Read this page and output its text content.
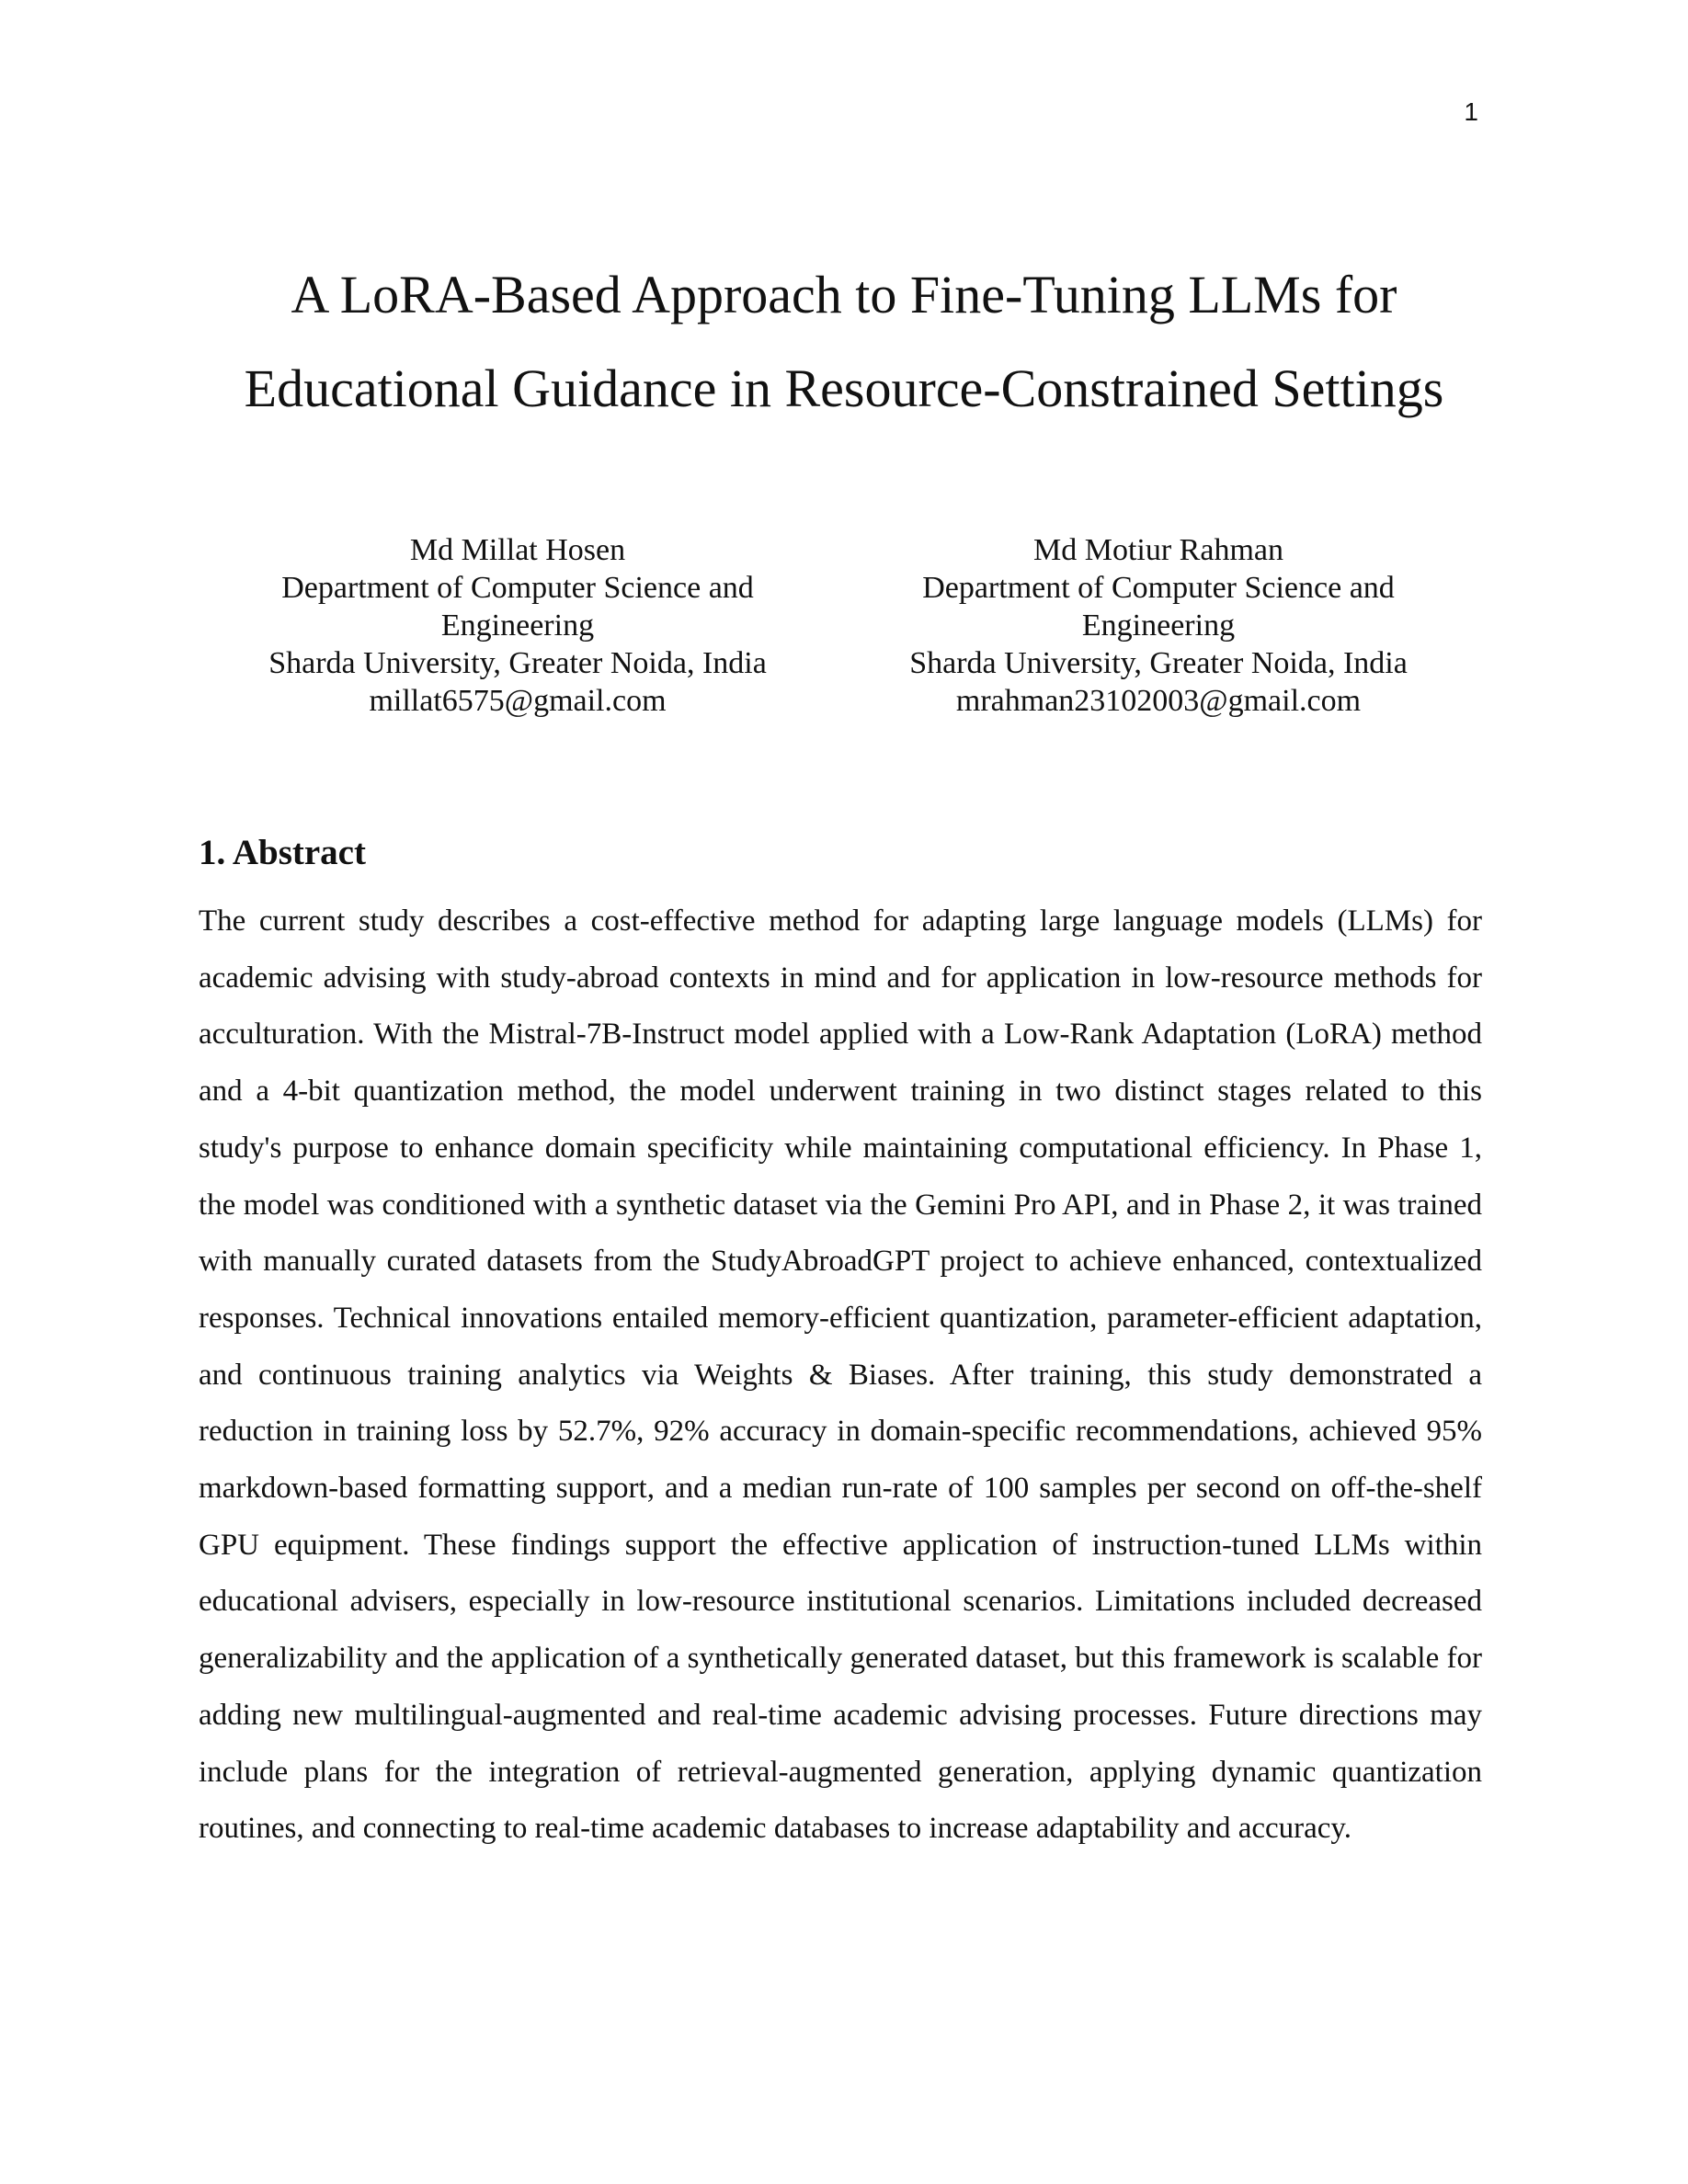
1
A LoRA-Based Approach to Fine-Tuning LLMs for
Educational Guidance in Resource-Constrained Settings
Md Millat Hosen
Department of Computer Science and
Engineering
Sharda University, Greater Noida, India
millat6575@gmail.com
Md Motiur Rahman
Department of Computer Science and
Engineering
Sharda University, Greater Noida, India
mrahman23102003@gmail.com
1. Abstract

The current study describes a cost-effective method for adapting large language models (LLMs) for academic advising with study-abroad contexts in mind and for application in low-resource methods for acculturation. With the Mistral-7B-Instruct model applied with a Low-Rank Adaptation (LoRA) method and a 4-bit quantization method, the model underwent training in two distinct stages related to this study's purpose to enhance domain specificity while maintaining computational efficiency. In Phase 1, the model was conditioned with a synthetic dataset via the Gemini Pro API, and in Phase 2, it was trained with manually curated datasets from the StudyAbroadGPT project to achieve enhanced, contextualized responses. Technical innovations entailed memory-efficient quantization, parameter-efficient adaptation, and continuous training analytics via Weights & Biases. After training, this study demonstrated a reduction in training loss by 52.7%, 92% accuracy in domain-specific recommendations, achieved 95% markdown-based formatting support, and a median run-rate of 100 samples per second on off-the-shelf GPU equipment. These findings support the effective application of instruction-tuned LLMs within educational advisers, especially in low-resource institutional scenarios. Limitations included decreased generalizability and the application of a synthetically generated dataset, but this framework is scalable for adding new multilingual-augmented and real-time academic advising processes. Future directions may include plans for the integration of retrieval-augmented generation, applying dynamic quantization routines, and connecting to real-time academic databases to increase adaptability and accuracy.
